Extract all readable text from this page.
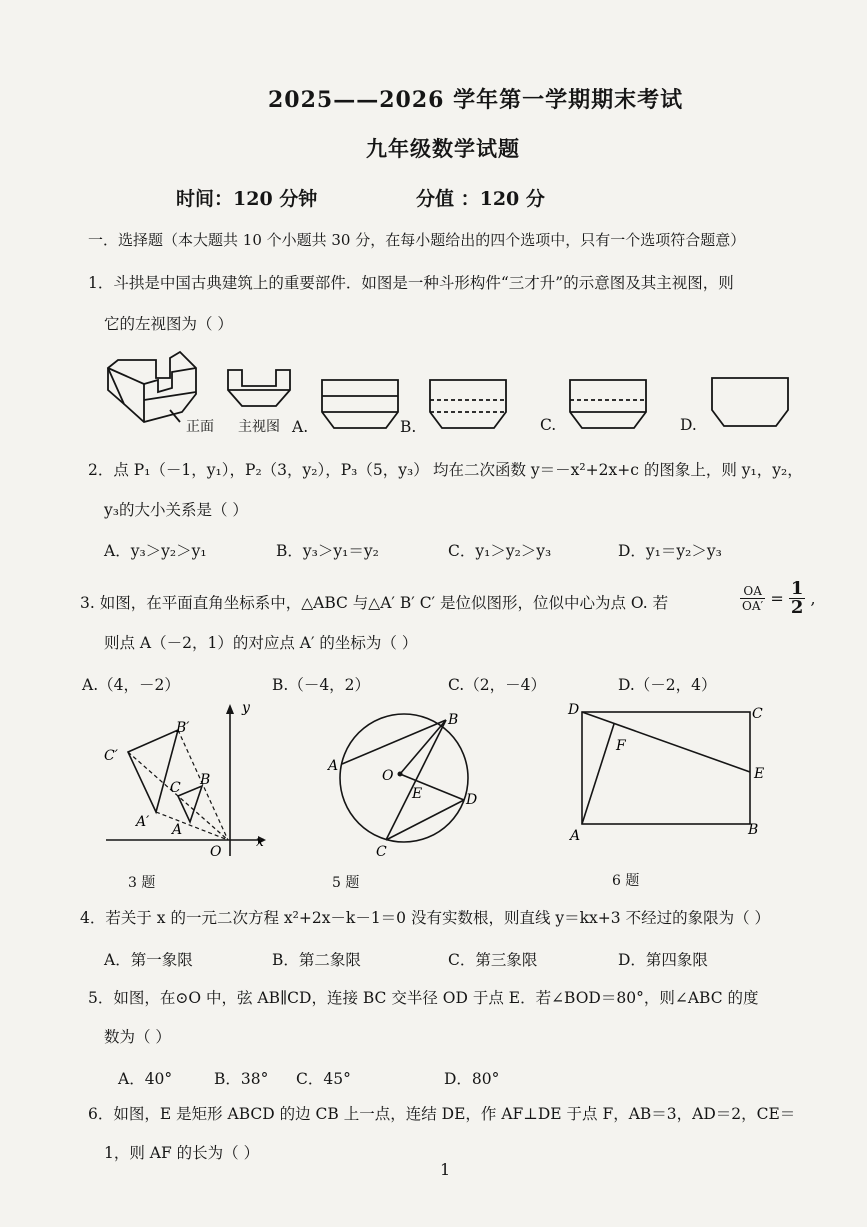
2025——2026 学年第一学期期末考试
九年级数学试题
时间：120 分钟	分值 ：120 分
一．选择题（本大题共 10 个小题共 30 分，在每小题给出的四个选项中，只有一个选项符合题意）
1．斗拱是中国古典建筑上的重要部件．如图是一种斗形构件“三才升”的示意图及其主视图，则
它的左视图为（ ）
正面 主视图 A.	B.	C.	D.
2．点 P₁（－1，y₁），P₂（3，y₂），P₃（5，y₃） 均在二次函数 y＝－x²+2x+c 的图象上，则 y₁，y₂，
y₃的大小关系是（ ）
A．y₃＞y₂＞y₁	B．y₃＞y₁＝y₂	C．y₁＞y₂＞y₃	D．y₁＝y₂＞y₃
3. 如图，在平面直角坐标系中，△ABC 与△A′ B′ C′ 是位似图形，位似中心为点 O. 若	$\frac{OA}{OA'} = \frac{1}{2}$ ,
则点 A（－2，1）的对应点 A′ 的坐标为（ ）
A.（4，－2）	B.（－4，2）	C.（2，－4）	D.（－2，4）
O
y
x
C′
B′
A′
C B
A
3 题
A
B
C
D
E
O
5 题
D	C
E
F
A	B
6 题
4．若关于 x 的一元二次方程 x²+2x－k－1＝0 没有实数根，则直线 y＝kx+3 不经过的象限为（ ）
A．第一象限	B．第二象限	C．第三象限	D．第四象限
5．如图，在⊙O 中，弦 AB∥CD，连接 BC 交半径 OD 于点 E．若∠BOD＝80°，则∠ABC 的度
数为（ ）
A．40°	B．38° C．45°	D．80°
6．如图，E 是矩形 ABCD 的边 CB 上一点，连结 DE，作 AF⊥DE 于点 F，AB＝3，AD＝2，CE＝
1，则 AF 的长为（ ）
1
